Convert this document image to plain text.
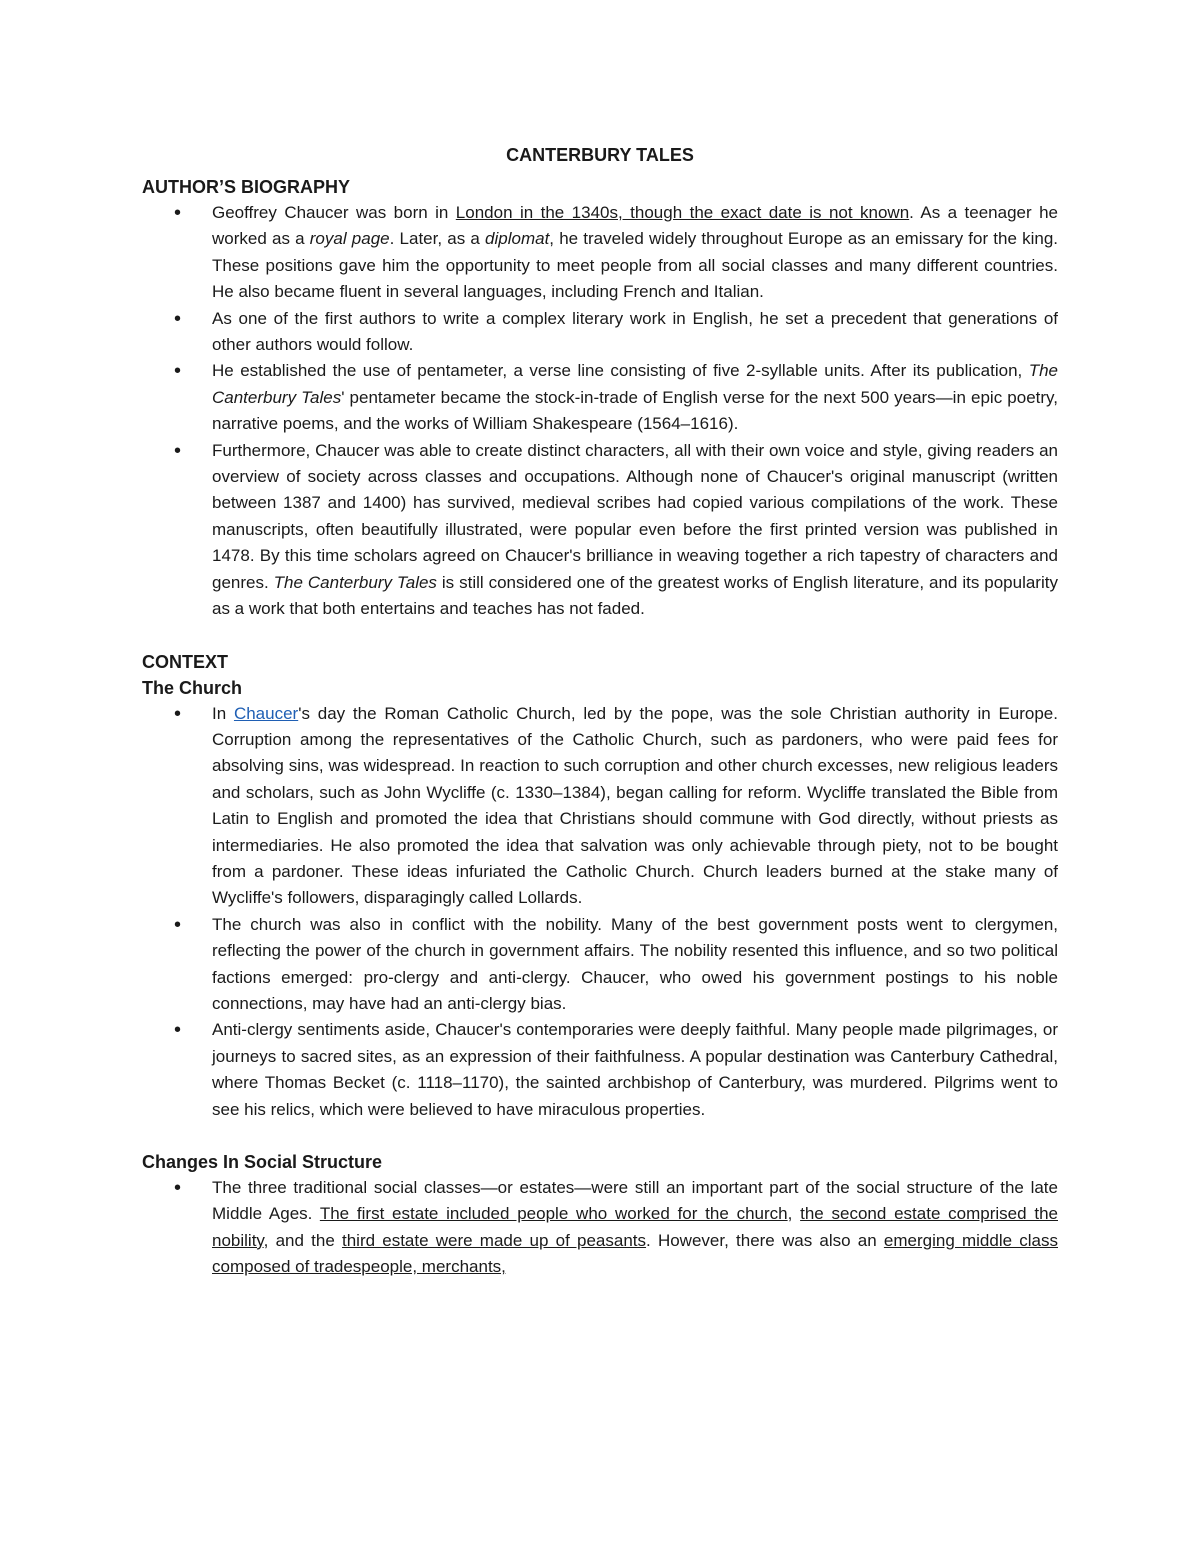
CANTERBURY TALES
AUTHOR’S BIOGRAPHY
• Geoffrey Chaucer was born in London in the 1340s, though the exact date is not known. As a teenager he worked as a royal page. Later, as a diplomat, he traveled widely throughout Europe as an emissary for the king. These positions gave him the opportunity to meet people from all social classes and many different countries. He also became fluent in several languages, including French and Italian.
• As one of the first authors to write a complex literary work in English, he set a precedent that generations of other authors would follow.
• He established the use of pentameter, a verse line consisting of five 2-syllable units. After its publication, The Canterbury Tales' pentameter became the stock-in-trade of English verse for the next 500 years—in epic poetry, narrative poems, and the works of William Shakespeare (1564–1616).
• Furthermore, Chaucer was able to create distinct characters, all with their own voice and style, giving readers an overview of society across classes and occupations. Although none of Chaucer's original manuscript (written between 1387 and 1400) has survived, medieval scribes had copied various compilations of the work. These manuscripts, often beautifully illustrated, were popular even before the first printed version was published in 1478. By this time scholars agreed on Chaucer's brilliance in weaving together a rich tapestry of characters and genres. The Canterbury Tales is still considered one of the greatest works of English literature, and its popularity as a work that both entertains and teaches has not faded.
CONTEXT
The Church
• In Chaucer's day the Roman Catholic Church, led by the pope, was the sole Christian authority in Europe. Corruption among the representatives of the Catholic Church, such as pardoners, who were paid fees for absolving sins, was widespread. In reaction to such corruption and other church excesses, new religious leaders and scholars, such as John Wycliffe (c. 1330–1384), began calling for reform. Wycliffe translated the Bible from Latin to English and promoted the idea that Christians should commune with God directly, without priests as intermediaries. He also promoted the idea that salvation was only achievable through piety, not to be bought from a pardoner. These ideas infuriated the Catholic Church. Church leaders burned at the stake many of Wycliffe's followers, disparagingly called Lollards.
• The church was also in conflict with the nobility. Many of the best government posts went to clergymen, reflecting the power of the church in government affairs. The nobility resented this influence, and so two political factions emerged: pro-clergy and anti-clergy. Chaucer, who owed his government postings to his noble connections, may have had an anti-clergy bias.
• Anti-clergy sentiments aside, Chaucer's contemporaries were deeply faithful. Many people made pilgrimages, or journeys to sacred sites, as an expression of their faithfulness. A popular destination was Canterbury Cathedral, where Thomas Becket (c. 1118–1170), the sainted archbishop of Canterbury, was murdered. Pilgrims went to see his relics, which were believed to have miraculous properties.
Changes In Social Structure
• The three traditional social classes—or estates—were still an important part of the social structure of the late Middle Ages. The first estate included people who worked for the church, the second estate comprised the nobility, and the third estate were made up of peasants. However, there was also an emerging middle class composed of tradespeople, merchants,
